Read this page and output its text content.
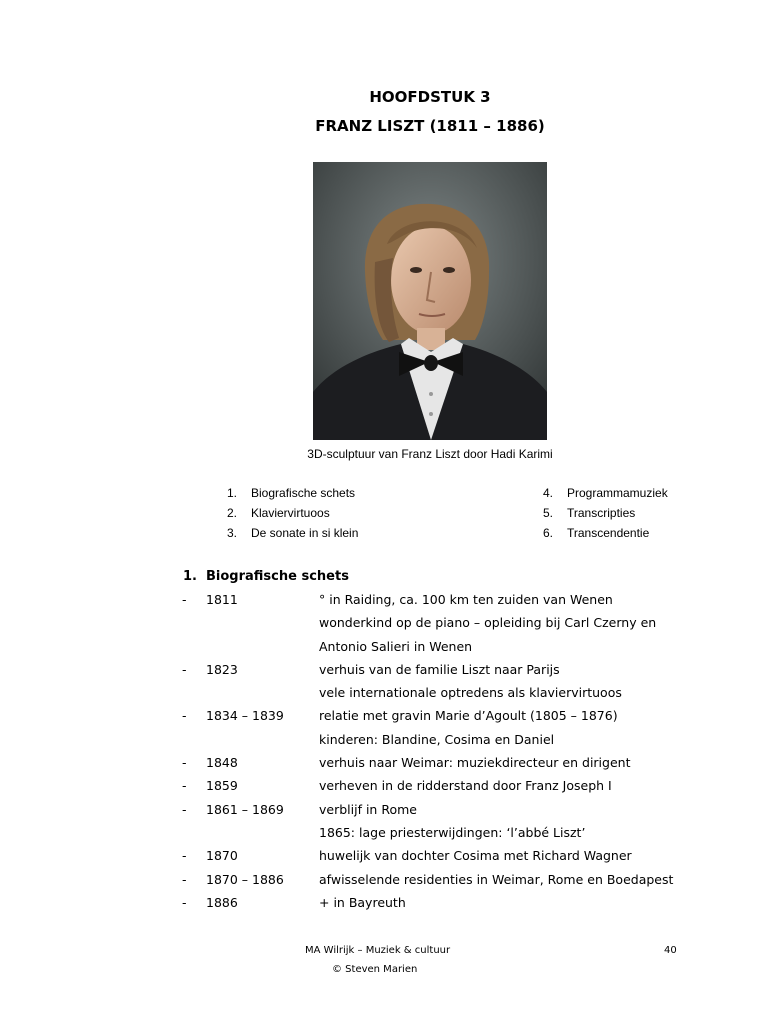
HOOFDSTUK 3
FRANZ LISZT (1811 – 1886)
3D-sculptuur van Franz Liszt door Hadi Karimi
1. Biografische schets
2. Klaviervirtuoos
3. De sonate in si klein
4. Programmamuziek
5. Transcripties
6. Transcendentie
1. Biografische schets
- 1811	° in Raiding, ca. 100 km ten zuiden van Wenen
wonderkind op de piano – opleiding bij Carl Czerny en
Antonio Salieri in Wenen
- 1823	verhuis van de familie Liszt naar Parijs
vele internationale optredens als klaviervirtuoos
- 1834 – 1839	relatie met gravin Marie d’Agoult (1805 – 1876)
kinderen: Blandine, Cosima en Daniel
- 1848	verhuis naar Weimar: muziekdirecteur en dirigent
- 1859	verheven in de ridderstand door Franz Joseph I
- 1861 – 1869	verblijf in Rome
1865: lage priesterwijdingen: ‘l’abbé Liszt’
- 1870	huwelijk van dochter Cosima met Richard Wagner
- 1870 – 1886	afwisselende residenties in Weimar, Rome en Boedapest
- 1886	+ in Bayreuth
MA Wilrijk – Muziek & cultuur
© Steven Marien
40
